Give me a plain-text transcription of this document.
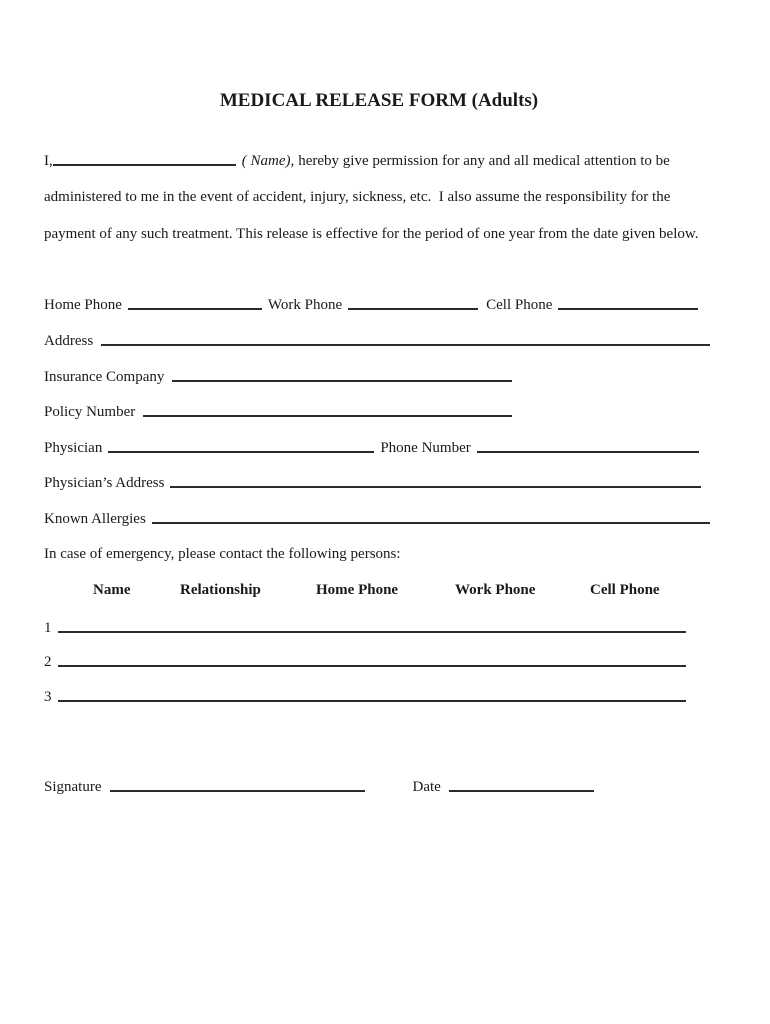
MEDICAL RELEASE FORM (Adults)
I,	( Name), hereby give permission for any and all medical attention to be
administered to me in the event of accident, injury, sickness, etc.  I also assume the responsibility for the
payment of any such treatment. This release is effective for the period of one year from the date given below.
Home Phone	Work Phone	Cell Phone
Address
Insurance Company
Policy Number
Physician	Phone Number
Physician’s Address
Known Allergies
In case of emergency, please contact the following persons:
Name	Relationship	Home Phone	Work Phone	Cell Phone
1
2
3
Signature	Date
